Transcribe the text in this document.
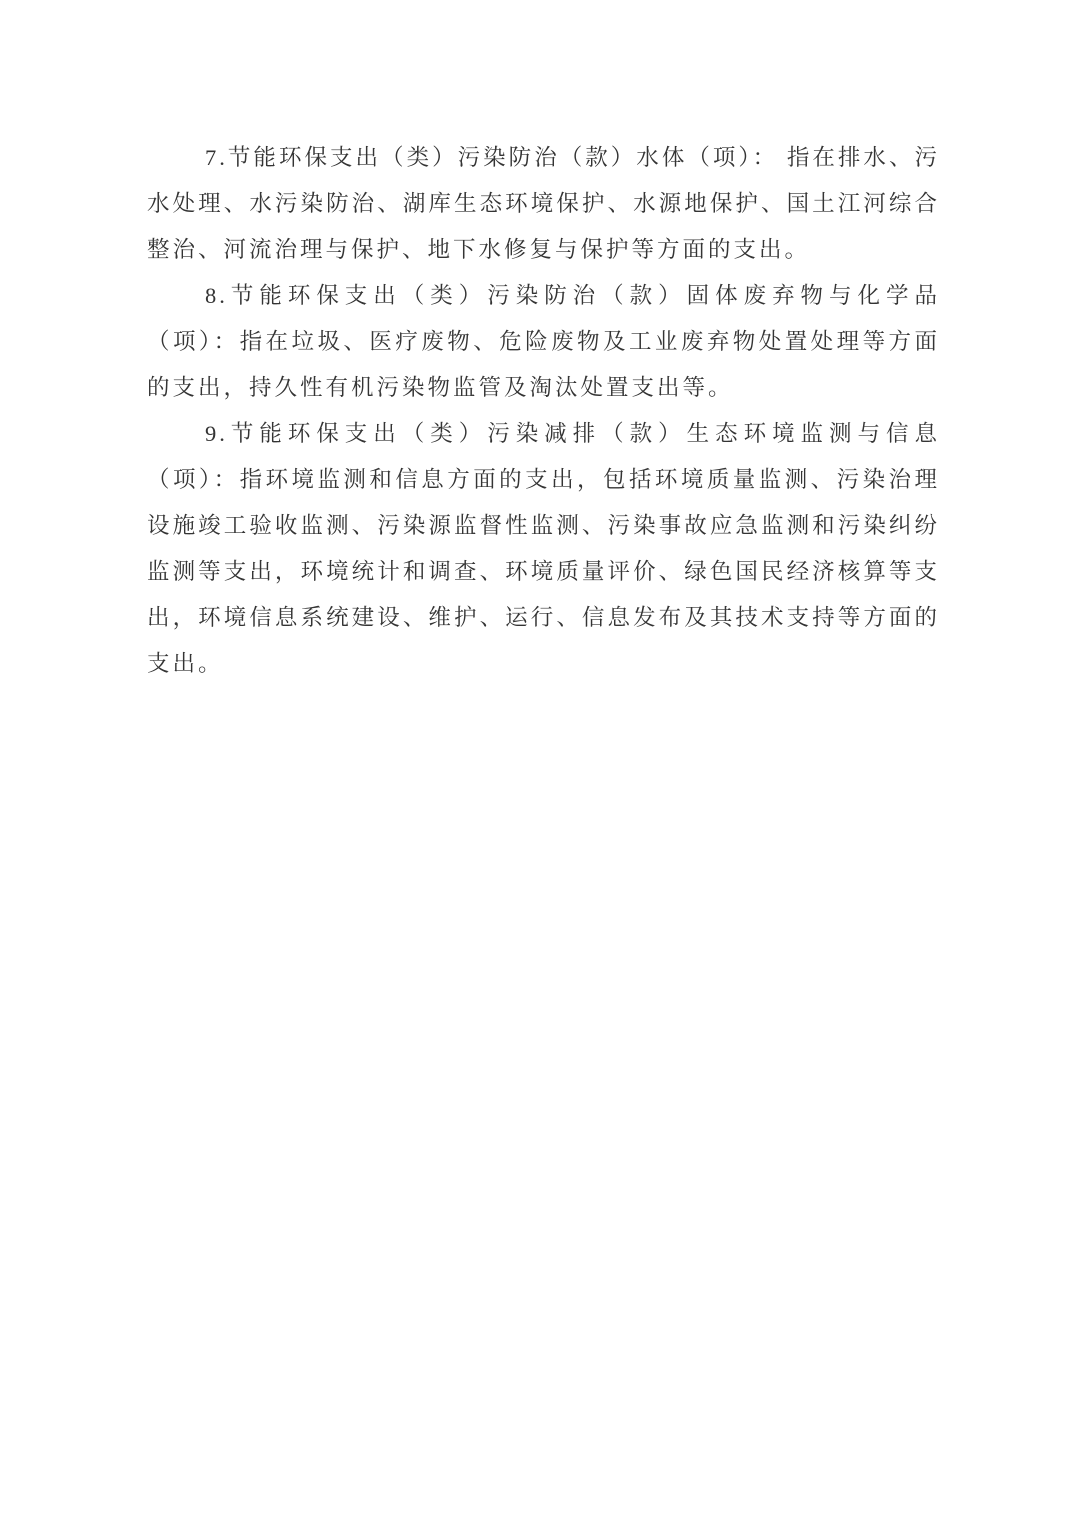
7.节能环保支出（类）污染防治（款）水体（项）： 指在排水、污水处理、水污染防治、湖库生态环境保护、水源地保护、国土江河综合整治、河流治理与保护、地下水修复与保护等方面的支出。

8.节能环保支出（类）污染防治（款）固体废弃物与化学品（项）：指在垃圾、医疗废物、危险废物及工业废弃物处置处理等方面的支出，持久性有机污染物监管及淘汰处置支出等。

9.节能环保支出（类）污染减排（款）生态环境监测与信息（项）：指环境监测和信息方面的支出，包括环境质量监测、污染治理设施竣工验收监测、污染源监督性监测、污染事故应急监测和污染纠纷监测等支出，环境统计和调查、环境质量评价、绿色国民经济核算等支出，环境信息系统建设、维护、运行、信息发布及其技术支持等方面的支出。
